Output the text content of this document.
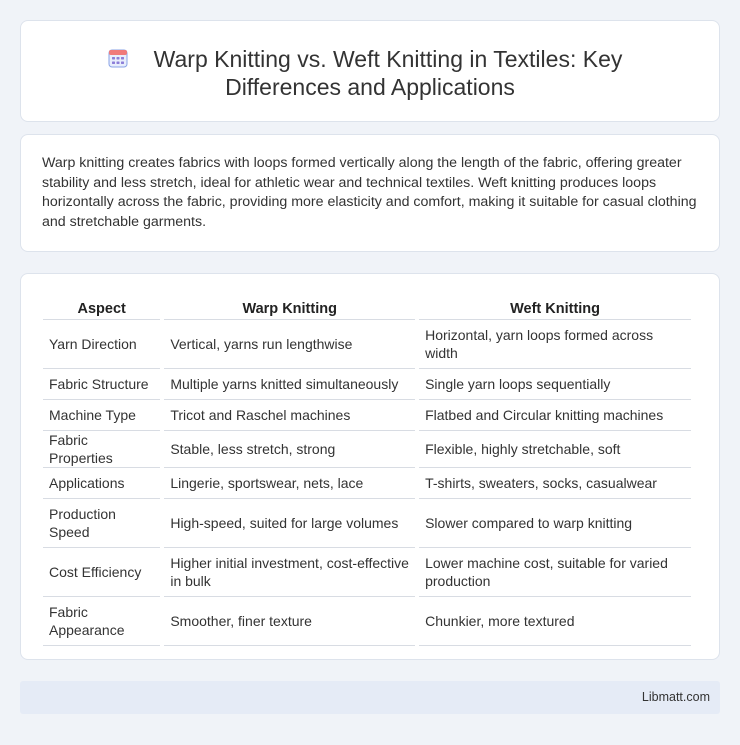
Warp Knitting vs. Weft Knitting in Textiles: Key
Differences and Applications

Warp knitting creates fabrics with loops formed vertically along the length of the fabric, offering greater stability and less stretch, ideal for athletic wear and technical textiles. Weft knitting produces loops horizontally across the fabric, providing more elasticity and comfort, making it suitable for casual clothing and stretchable garments.

Aspect	Warp Knitting	Weft Knitting
Yarn Direction	Vertical, yarns run lengthwise	Horizontal, yarn loops formed across width
Fabric Structure	Multiple yarns knitted simultaneously	Single yarn loops sequentially
Machine Type	Tricot and Raschel machines	Flatbed and Circular knitting machines
Fabric Properties	Stable, less stretch, strong	Flexible, highly stretchable, soft
Applications	Lingerie, sportswear, nets, lace	T-shirts, sweaters, socks, casualwear
Production Speed	High-speed, suited for large volumes	Slower compared to warp knitting
Cost Efficiency	Higher initial investment, cost-effective in bulk	Lower machine cost, suitable for varied production
Fabric Appearance	Smoother, finer texture	Chunkier, more textured
Libmatt.com
